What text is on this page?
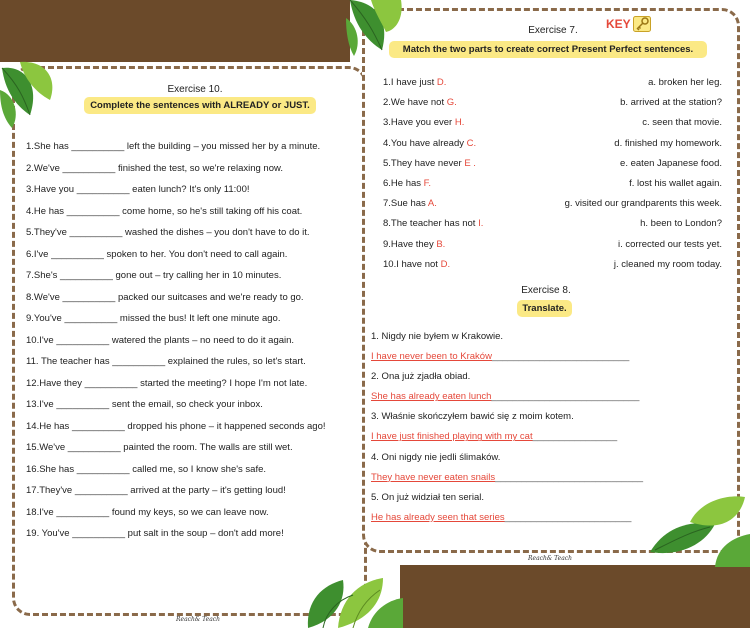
Exercise 10.
Complete the sentences with ALREADY or JUST.
1.She has __________ left the building – you missed her by a minute.
2.We've __________ finished the test, so we're relaxing now.
3.Have you __________ eaten lunch? It's only 11:00!
4.He has __________ come home, so he's still taking off his coat.
5.They've __________ washed the dishes – you don't have to do it.
6.I've __________ spoken to her. You don't need to call again.
7.She's __________ gone out – try calling her in 10 minutes.
8.We've __________ packed our suitcases and we're ready to go.
9.You've __________ missed the bus! It left one minute ago.
10.I've __________ watered the plants – no need to do it again.
11. The teacher has __________ explained the rules, so let's start.
12.Have they __________ started the meeting? I hope I'm not late.
13.I've __________ sent the email, so check your inbox.
14.He has __________ dropped his phone – it happened seconds ago!
15.We've __________ painted the room. The walls are still wet.
16.She has __________ called me, so I know she's safe.
17.They've __________ arrived at the party – it's getting loud!
18.I've __________ found my keys, so we can leave now.
19. You've __________ put salt in the soup – don't add more!
Reach& Teach
Exercise 7.	KEY
Match the two parts to create correct Present Perfect sentences.
1.I have just D.	a. broken her leg.
2.We have not G.	b. arrived at the station?
3.Have you ever H.	c. seen that movie.
4.You have already C.	d. finished my homework.
5.They have never E .	e. eaten Japanese food.
6.He has F.	f. lost his wallet again.
7.Sue has A.	g. visited our grandparents this week.
8.The teacher has not I.	h. been to London?
9.Have they B.	i. corrected our tests yet.
10.I have not D.	j. cleaned my room today.
Exercise 8.
Translate.
1. Nigdy nie byłem w Krakowie.
I have never been to Kraków__________________________
2. Ona już zjadła obiad.
She has already eaten lunch____________________________
3. Właśnie skończyłem bawić się z moim kotem.
I have just finished playing with my cat________________
4. Oni nigdy nie jedli ślimaków.
They have never eaten snails____________________________
5. On już widział ten serial.
He has already seen that series________________________
Reach& Teach
